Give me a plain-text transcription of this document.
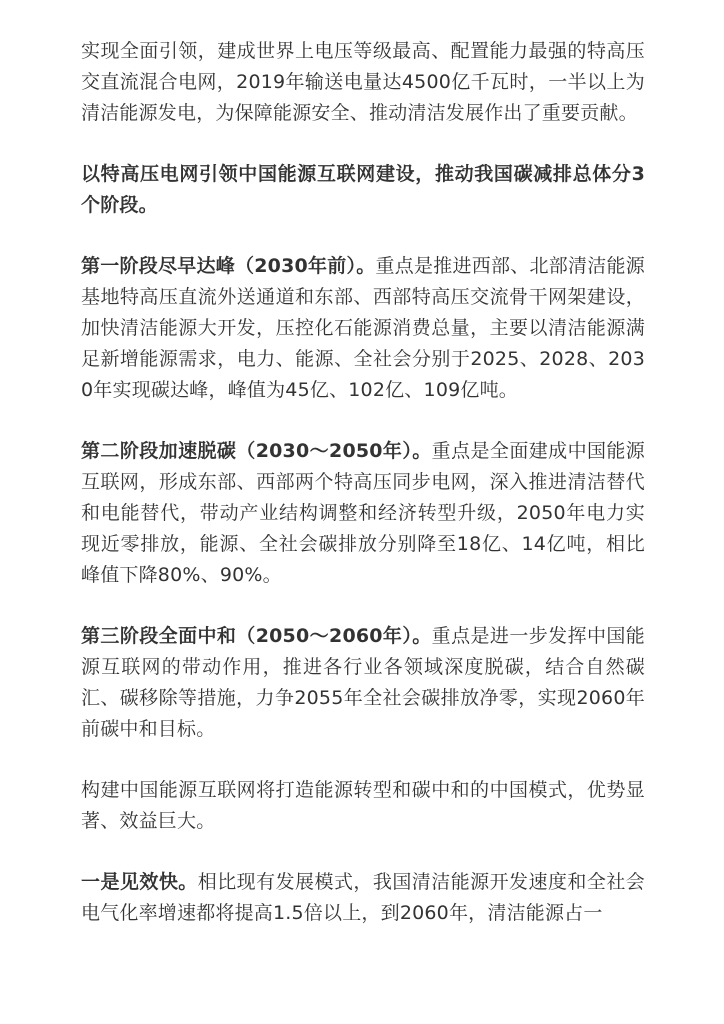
实现全面引领，建成世界上电压等级最高、配置能力最强的特高压交直流混合电网，2019年输送电量达4500亿千瓦时，一半以上为清洁能源发电，为保障能源安全、推动清洁发展作出了重要贡献。

以特高压电网引领中国能源互联网建设，推动我国碳减排总体分3个阶段。

第一阶段尽早达峰（2030年前）。重点是推进西部、北部清洁能源基地特高压直流外送通道和东部、西部特高压交流骨干网架建设，加快清洁能源大开发，压控化石能源消费总量，主要以清洁能源满足新增能源需求，电力、能源、全社会分别于2025、2028、2030年实现碳达峰，峰值为45亿、102亿、109亿吨。

第二阶段加速脱碳（2030～2050年）。重点是全面建成中国能源互联网，形成东部、西部两个特高压同步电网，深入推进清洁替代和电能替代，带动产业结构调整和经济转型升级，2050年电力实现近零排放，能源、全社会碳排放分别降至18亿、14亿吨，相比峰值下降80%、90%。

第三阶段全面中和（2050～2060年）。重点是进一步发挥中国能源互联网的带动作用，推进各行业各领域深度脱碳，结合自然碳汇、碳移除等措施，力争2055年全社会碳排放净零，实现2060年前碳中和目标。

构建中国能源互联网将打造能源转型和碳中和的中国模式，优势显著、效益巨大。

一是见效快。相比现有发展模式，我国清洁能源开发速度和全社会电气化率增速都将提高1.5倍以上，到2060年，清洁能源占一
